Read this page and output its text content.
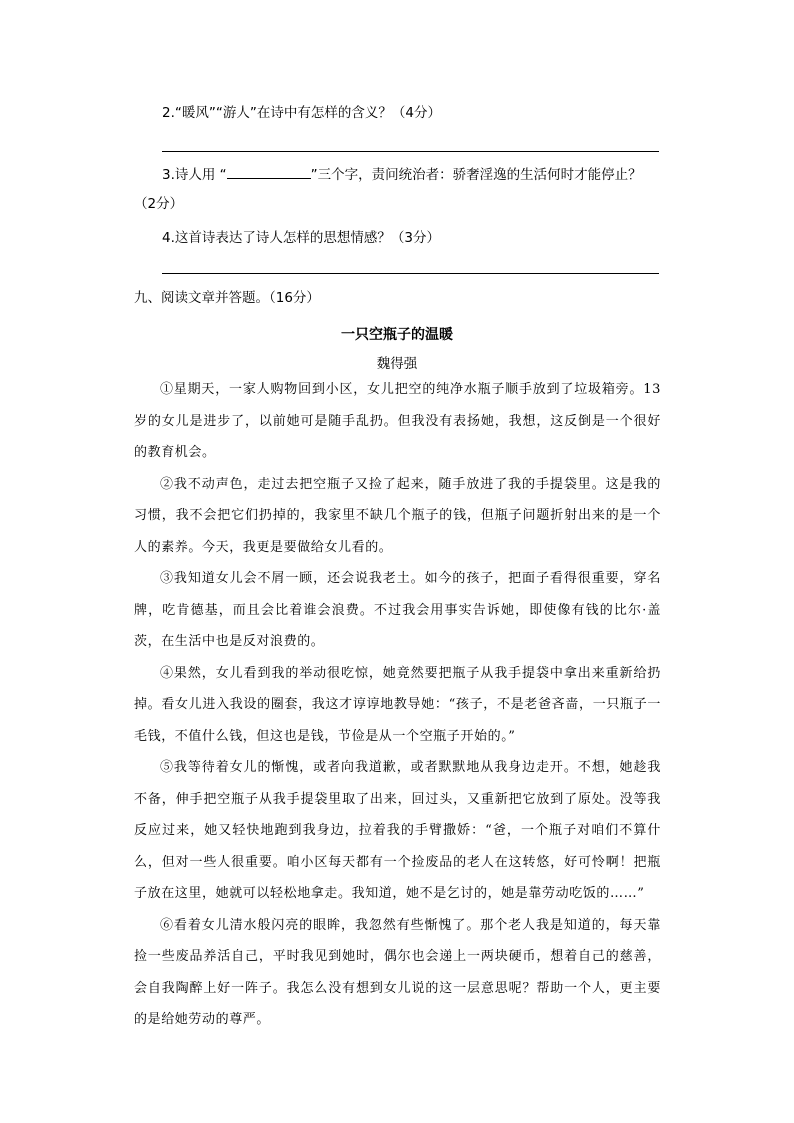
2.“暖风”“游人”在诗中有怎样的含义？（4分）
3.诗人用 “	”三个字，责问统治者：骄奢淫逸的生活何时才能停止？
（2分）
4.这首诗表达了诗人怎样的思想情感？（3分）
九、阅读文章并答题。（16分）
一只空瓶子的温暖
魏得强

①星期天，一家人购物回到小区，女儿把空的纯净水瓶子顺手放到了垃圾箱旁。13岁的女儿是进步了，以前她可是随手乱扔。但我没有表扬她，我想，这反倒是一个很好的教育机会。

②我不动声色，走过去把空瓶子又捡了起来，随手放进了我的手提袋里。这是我的习惯，我不会把它们扔掉的，我家里不缺几个瓶子的钱，但瓶子问题折射出来的是一个人的素养。今天，我更是要做给女儿看的。

③我知道女儿会不屑一顾，还会说我老土。如今的孩子，把面子看得很重要，穿名牌，吃肯德基，而且会比着谁会浪费。不过我会用事实告诉她，即使像有钱的比尔·盖茨，在生活中也是反对浪费的。

④果然，女儿看到我的举动很吃惊，她竟然要把瓶子从我手提袋中拿出来重新给扔掉。看女儿进入我设的圈套，我这才谆谆地教导她：“孩子，不是老爸吝啬，一只瓶子一毛钱，不值什么钱，但这也是钱，节俭是从一个空瓶子开始的。”

⑤我等待着女儿的惭愧，或者向我道歉，或者默默地从我身边走开。不想，她趁我不备，伸手把空瓶子从我手提袋里取了出来，回过头，又重新把它放到了原处。没等我反应过来，她又轻快地跑到我身边，拉着我的手臂撒娇：“爸，一个瓶子对咱们不算什么，但对一些人很重要。咱小区每天都有一个捡废品的老人在这转悠，好可怜啊！把瓶子放在这里，她就可以轻松地拿走。我知道，她不是乞讨的，她是靠劳动吃饭的……”

⑥看着女儿清水般闪亮的眼眸，我忽然有些惭愧了。那个老人我是知道的，每天靠捡一些废品养活自己，平时我见到她时，偶尔也会递上一两块硬币，想着自己的慈善，会自我陶醉上好一阵子。我怎么没有想到女儿说的这一层意思呢？帮助一个人，更主要的是给她劳动的尊严。
